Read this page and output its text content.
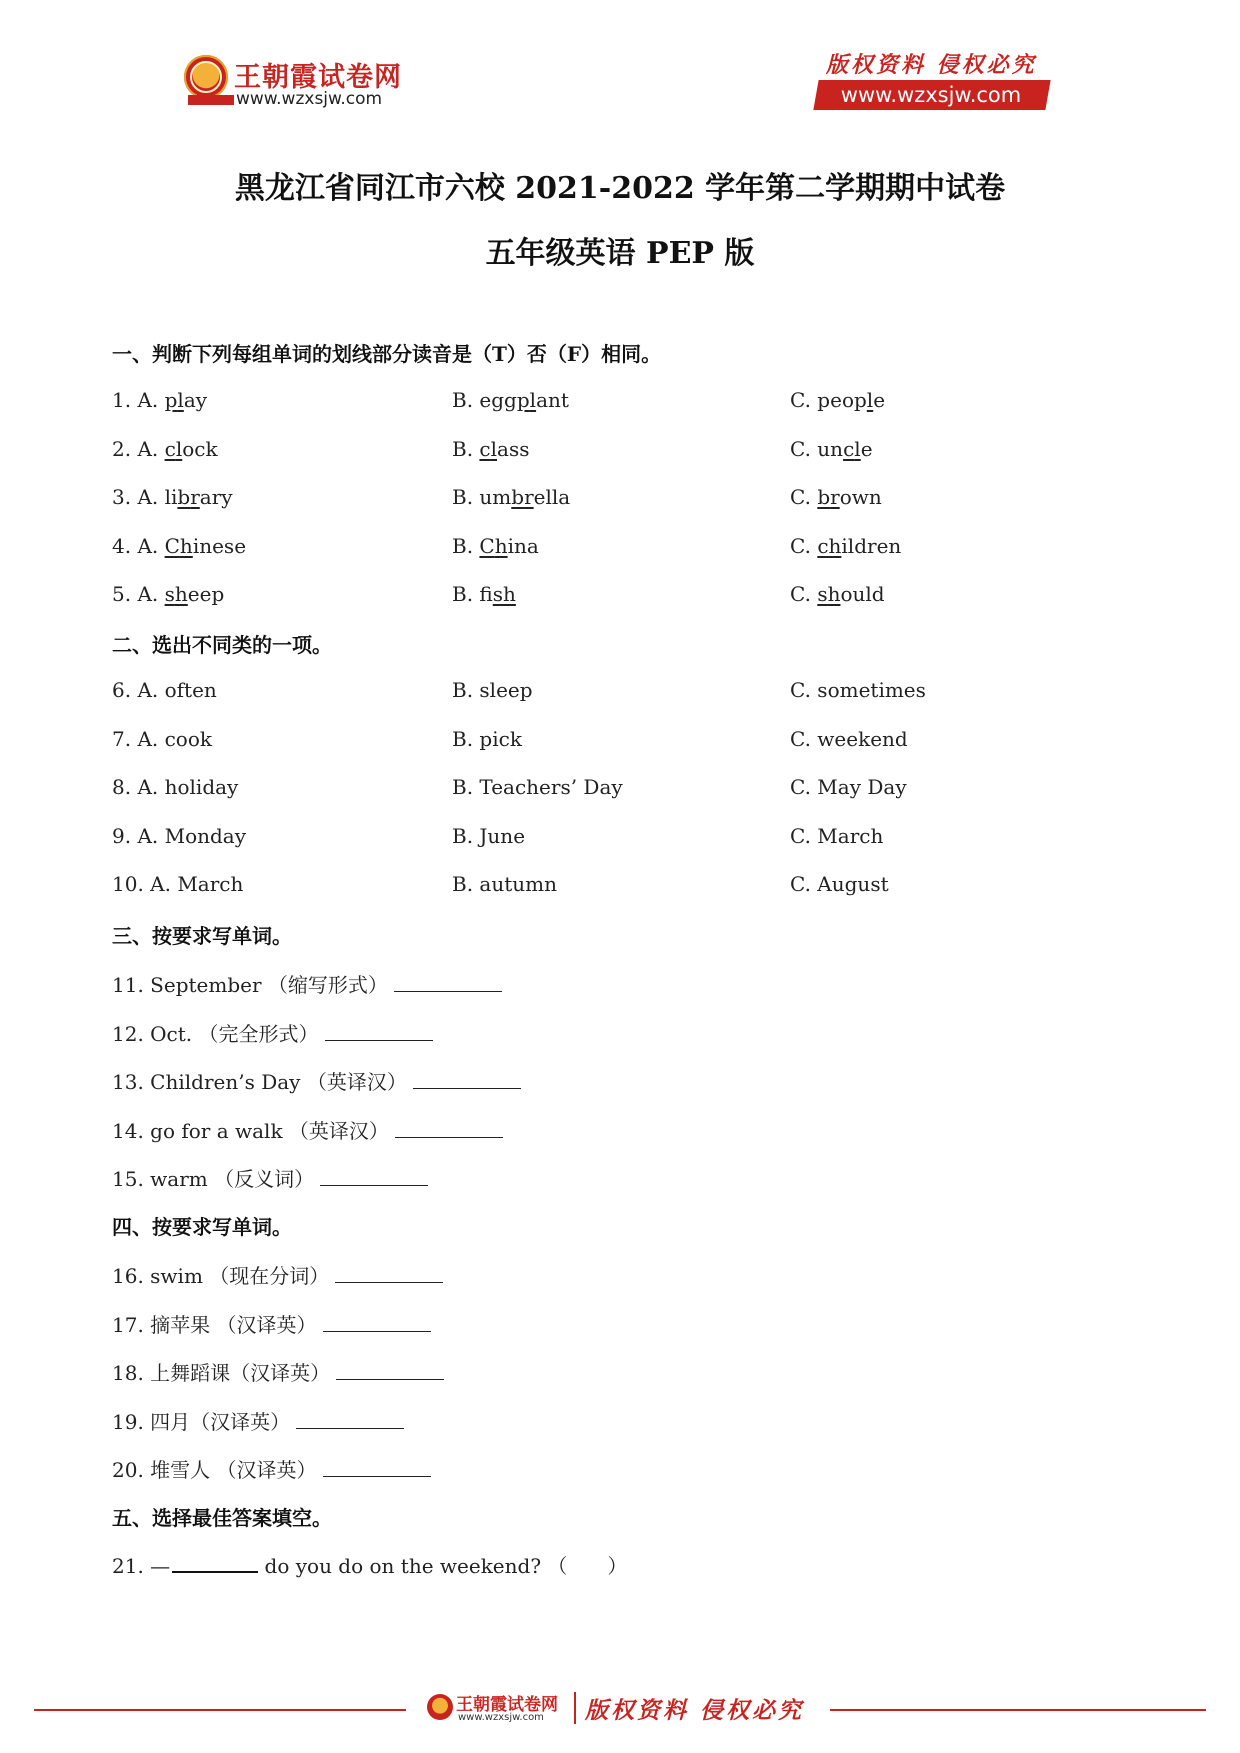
王朝霞试卷网
www.wzxsjw.com
版权资料 侵权必究
www.wzxsjw.com
黑龙江省同江市六校 2021-2022 学年第二学期期中试卷
五年级英语 PEP 版
一、判断下列每组单词的划线部分读音是（T）否（F）相同。
1. A. play	B. eggplant	C. people
2. A. clock	B. class	C. uncle
3. A. library	B. umbrella	C. brown
4. A. Chinese	B. China	C. children
5. A. sheep	B. fish	C. should
二、选出不同类的一项。
6. A. often	B. sleep	C. sometimes
7. A. cook	B. pick	C. weekend
8. A. holiday	B. Teachers’ Day	C. May Day
9. A. Monday	B. June	C. March
10. A. March	B. autumn	C. August
三、按要求写单词。
11. September （缩写形式）
12. Oct. （完全形式）
13. Children’s Day （英译汉）
14. go for a walk （英译汉）
15. warm （反义词）
四、按要求写单词。
16. swim （现在分词）
17. 摘苹果 （汉译英）
18. 上舞蹈课（汉译英）
19. 四月（汉译英）
20. 堆雪人 （汉译英）
五、选择最佳答案填空。
21. —	do you do on the weekend? （　　）
王朝霞试卷网
www.wzxsjw.com 版权资料 侵权必究
